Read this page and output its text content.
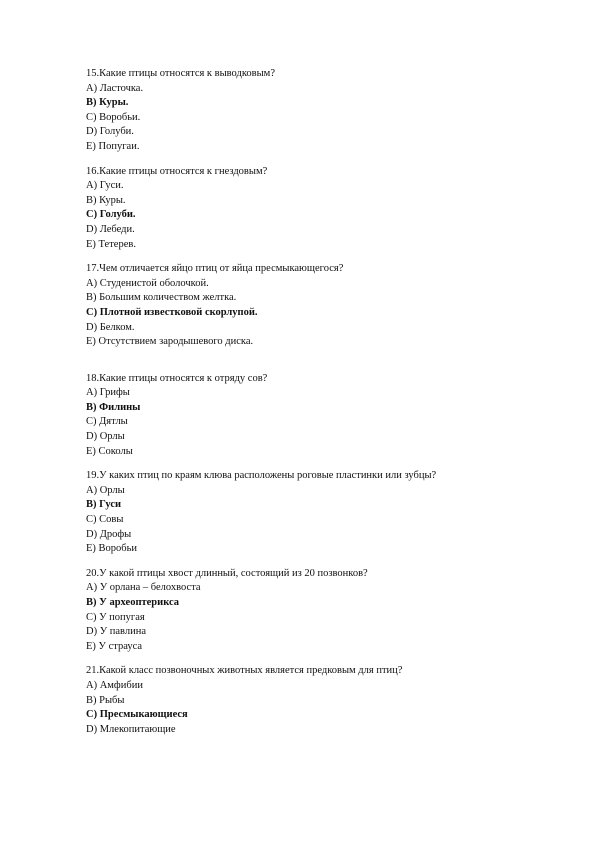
15.Какие птицы относятся к выводковым?
A) Ласточка.
B) Куры.
C) Воробьи.
D) Голуби.
E) Попугаи.
16.Какие птицы относятся к гнездовым?
A) Гуси.
B) Куры.
C) Голуби.
D) Лебеди.
E) Тетерев.
17.Чем отличается яйцо птиц от яйца пресмыкающегося?
A) Студенистой оболочкой.
B) Большим количеством желтка.
C) Плотной известковой скорлупой.
D) Белком.
E) Отсутствием зародышевого диска.
18.Какие птицы относятся к отряду сов?
A) Грифы
B) Филины
C) Дятлы
D) Орлы
E) Соколы
19.У каких птиц по краям клюва расположены роговые пластинки или зубцы?
A) Орлы
B) Гуси
C) Совы
D) Дрофы
E) Воробьи
20.У какой птицы хвост длинный, состоящий из 20 позвонков?
A) У орлана – белохвоста
B) У археоптерикса
C) У попугая
D) У павлина
E) У страуса
21.Какой класс позвоночных животных является предковым для птиц?
A) Амфибии
B) Рыбы
C) Пресмыкающиеся
D) Млекопитающие
